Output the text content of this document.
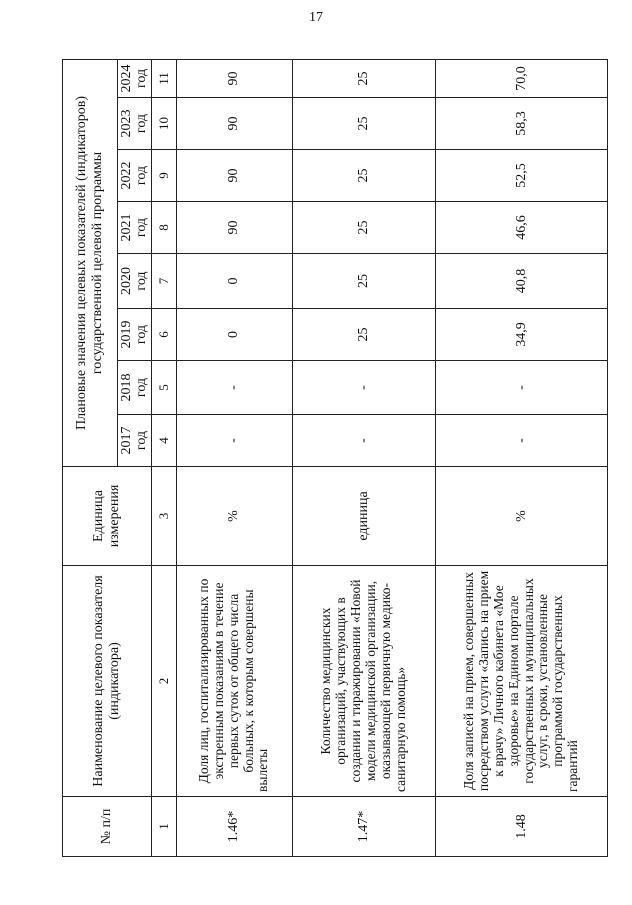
17
№ п/п	Наименование целевого показателя (индикатора)	Единица измерения	Плановые значения целевых показателей (индикаторов) государственной целевой программы							
			2017 год	2018 год	2019 год	2020 год	2021 год	2022 год	2023 год	2024 год
1	2	3	4	5	6	7	8	9	10	11
1.46*	Доля лиц, госпитализированных по экстренным показаниям в течение первых суток от общего числа больных, к которым совершены вылеты	%	-	-	0	0	90	90	90	90
1.47*	Количество медицинских организаций, участвующих в создании и тиражировании «Новой модели медицинской организации, оказывающей первичную медико-санитарную помощь»	единица	-	-	25	25	25	25	25	25
1.48	Доля записей на прием, совершенных посредством услуги «Запись на прием к врачу» Личного кабинета «Мое здоровье» на Едином портале государственных и муниципальных услуг, в сроки, установленные программой государственных гарантий	%	-	-	34,9	40,8	46,6	52,5	58,3	70,0
